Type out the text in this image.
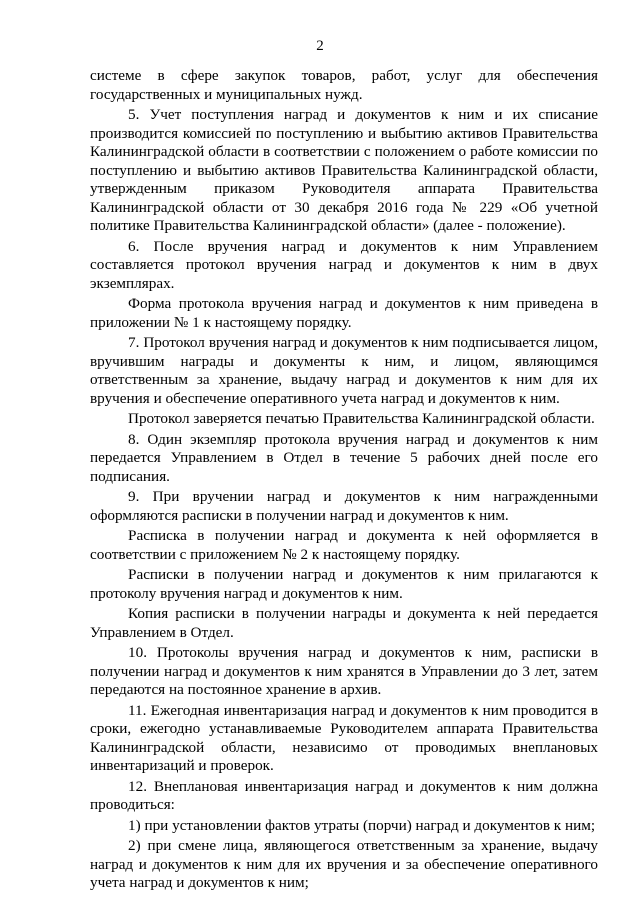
2

системе в сфере закупок товаров, работ, услуг для обеспечения государственных и муниципальных нужд.

5. Учет поступления наград и документов к ним и их списание производится комиссией по поступлению и выбытию активов Правительства Калининградской области в соответствии с положением о работе комиссии по поступлению и выбытию активов Правительства Калининградской области, утвержденным приказом Руководителя аппарата Правительства Калининградской области от 30 декабря 2016 года № 229 «Об учетной политике Правительства Калининградской области» (далее - положение).

6. После вручения наград и документов к ним Управлением составляется протокол вручения наград и документов к ним в двух экземплярах.

Форма протокола вручения наград и документов к ним приведена в приложении № 1 к настоящему порядку.

7. Протокол вручения наград и документов к ним подписывается лицом, вручившим награды и документы к ним, и лицом, являющимся ответственным за хранение, выдачу наград и документов к ним для их вручения и обеспечение оперативного учета наград и документов к ним.

Протокол заверяется печатью Правительства Калининградской области.

8. Один экземпляр протокола вручения наград и документов к ним передается Управлением в Отдел в течение 5 рабочих дней после его подписания.

9. При вручении наград и документов к ним награжденными оформляются расписки в получении наград и документов к ним.

Расписка в получении наград и документа к ней оформляется в соответствии с приложением № 2 к настоящему порядку.

Расписки в получении наград и документов к ним прилагаются к протоколу вручения наград и документов к ним.

Копия расписки в получении награды и документа к ней передается Управлением в Отдел.

10. Протоколы вручения наград и документов к ним, расписки в получении наград и документов к ним хранятся в Управлении до 3 лет, затем передаются на постоянное хранение в архив.

11. Ежегодная инвентаризация наград и документов к ним проводится в сроки, ежегодно устанавливаемые Руководителем аппарата Правительства Калининградской области, независимо от проводимых внеплановых инвентаризаций и проверок.

12. Внеплановая инвентаризация наград и документов к ним должна проводиться:

1) при установлении фактов утраты (порчи) наград и документов к ним;

2) при смене лица, являющегося ответственным за хранение, выдачу наград и документов к ним для их вручения и за обеспечение оперативного учета наград и документов к ним;
